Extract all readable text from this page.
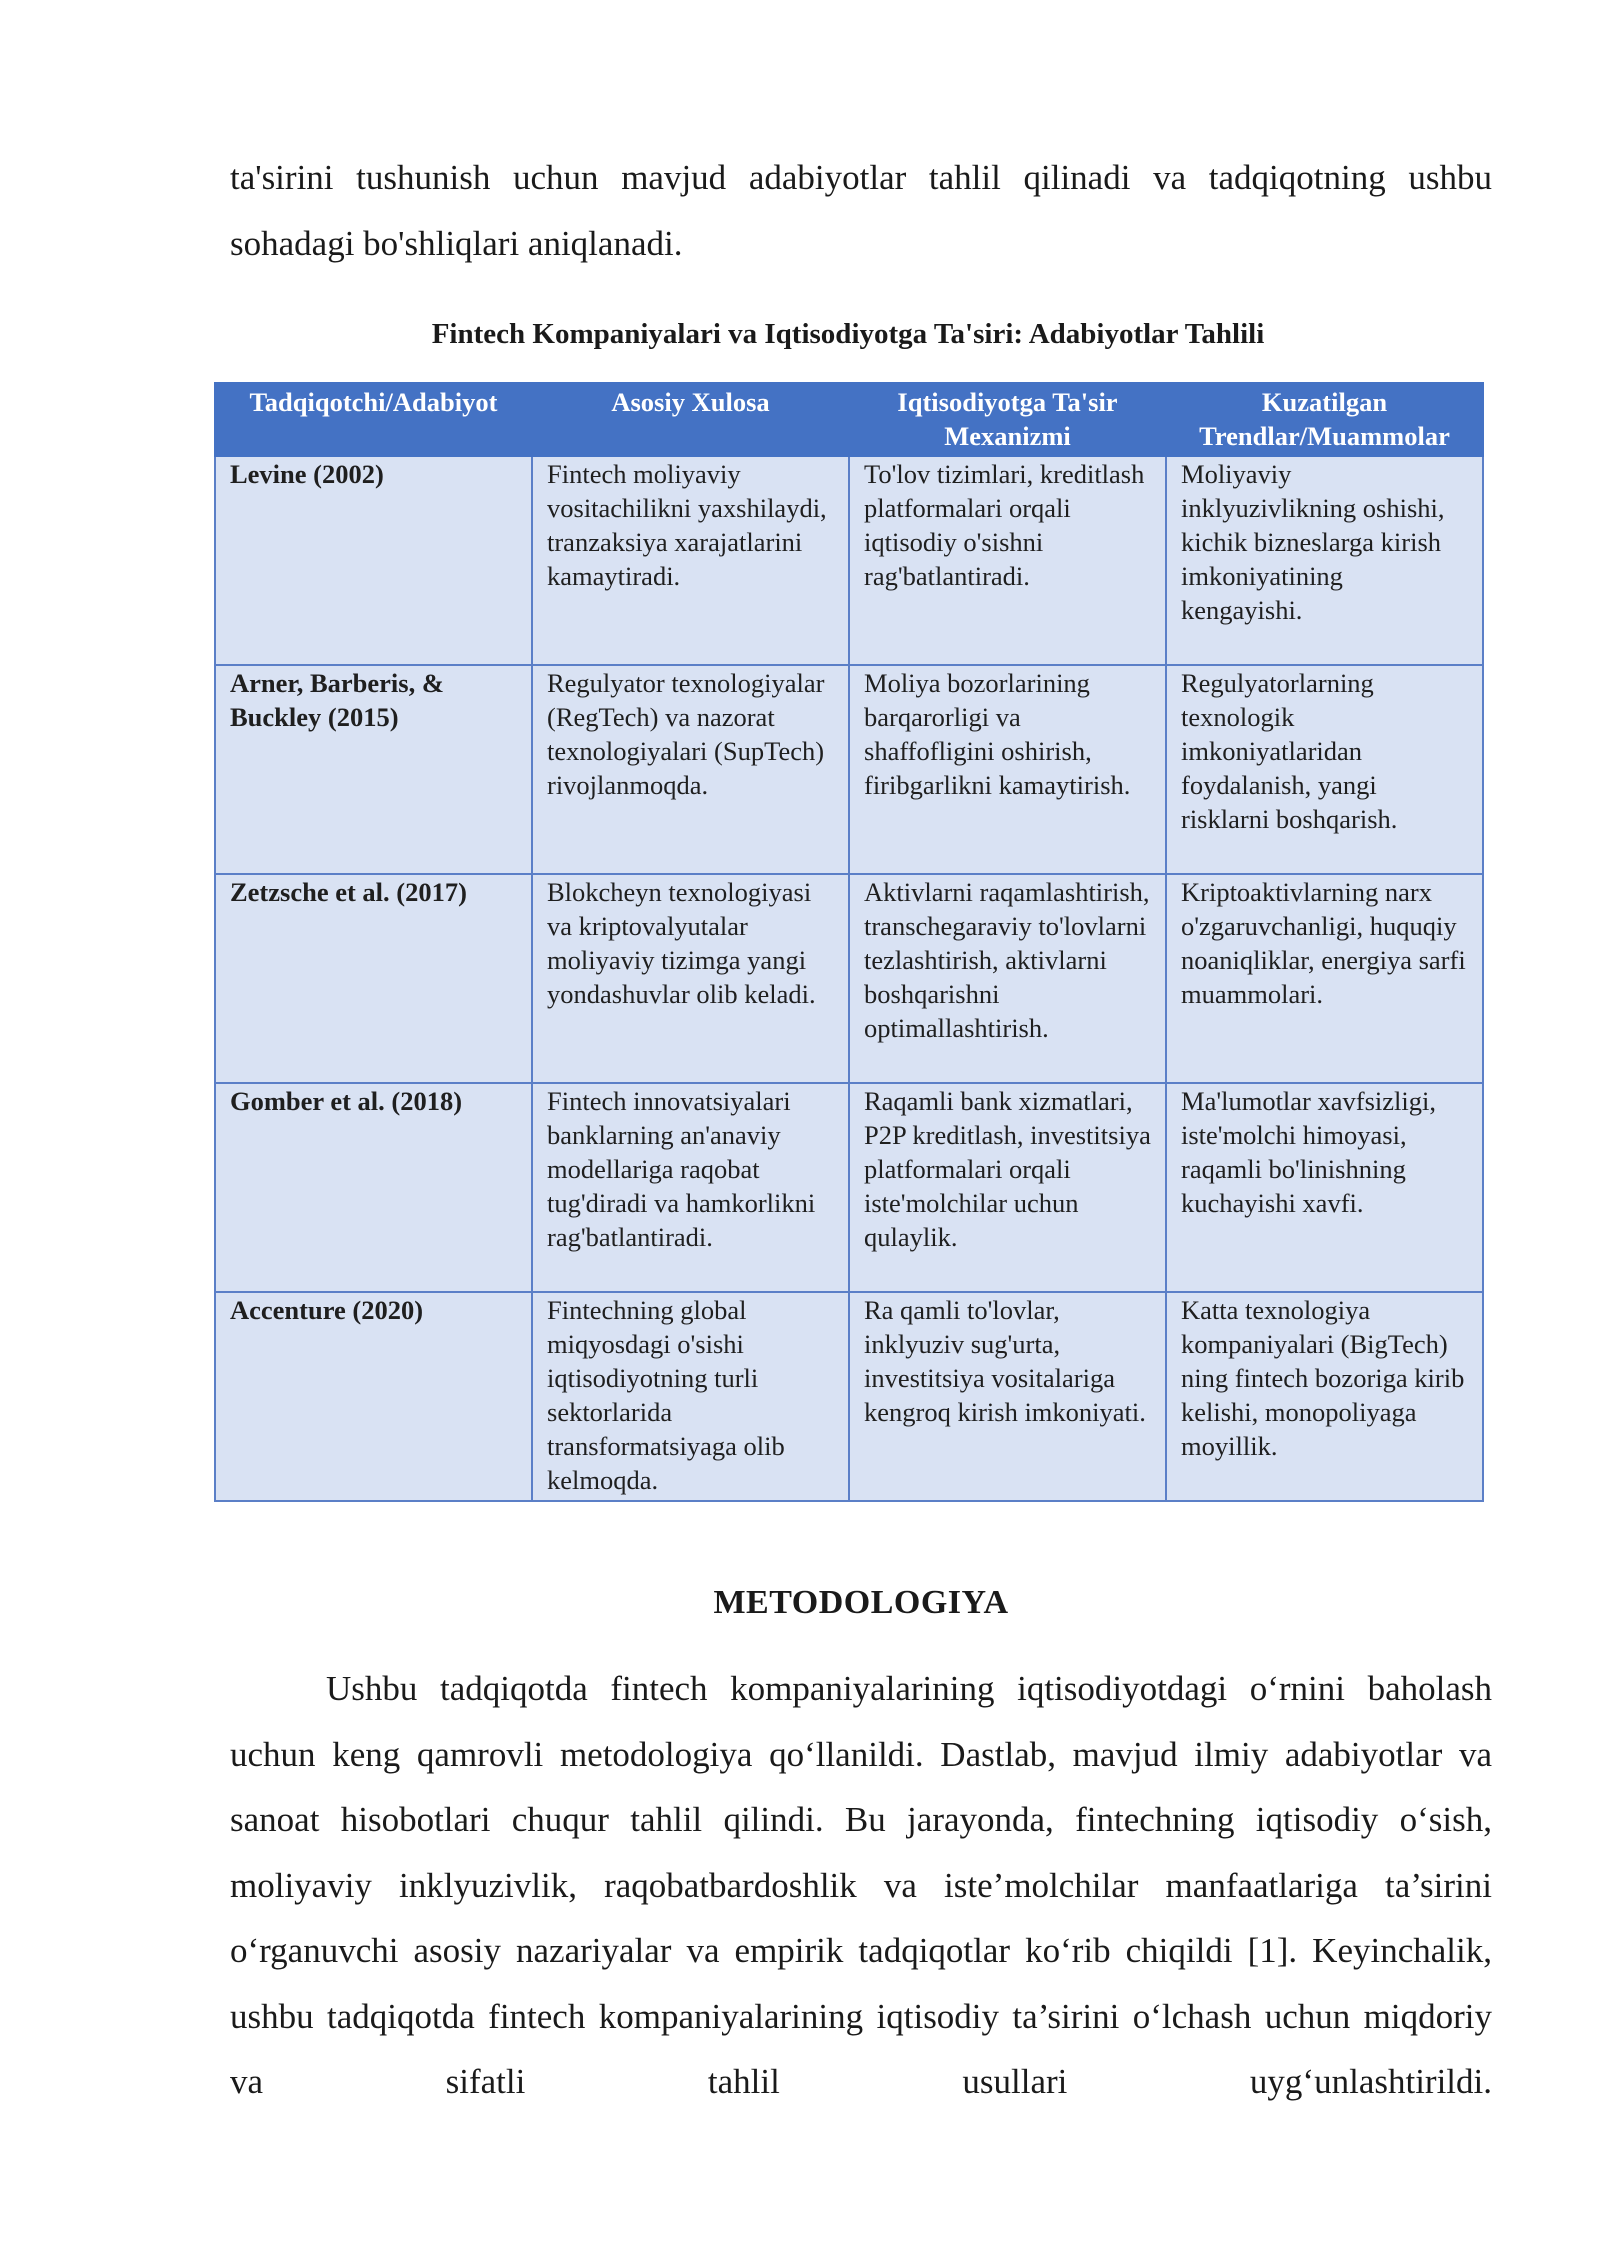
ta'sirini tushunish uchun mavjud adabiyotlar tahlil qilinadi va tadqiqotning ushbu sohadagi bo'shliqlari aniqlanadi.

Fintech Kompaniyalari va Iqtisodiyotga Ta'siri: Adabiyotlar Tahlili

Tadqiqotchi/Adabiyot	Asosiy Xulosa	Iqtisodiyotga Ta'sir Mexanizmi	Kuzatilgan Trendlar/Muammolar
Levine (2002)	Fintech moliyaviy vositachilikni yaxshilaydi, tranzaksiya xarajatlarini kamaytiradi.	To'lov tizimlari, kreditlash platformalari orqali iqtisodiy o'sishni rag'batlantiradi.	Moliyaviy inklyuzivlikning oshishi, kichik bizneslarga kirish imkoniyatining kengayishi.
Arner, Barberis, & Buckley (2015)	Regulyator texnologiyalar (RegTech) va nazorat texnologiyalari (SupTech) rivojlanmoqda.	Moliya bozorlarining barqarorligi va shaffofligini oshirish, firibgarlikni kamaytirish.	Regulyatorlarning texnologik imkoniyatlaridan foydalanish, yangi risklarni boshqarish.
Zetzsche et al. (2017)	Blokcheyn texnologiyasi va kriptovalyutalar moliyaviy tizimga yangi yondashuvlar olib keladi.	Aktivlarni raqamlashtirish, transchegaraviy to'lovlarni tezlashtirish, aktivlarni boshqarishni optimallashtirish.	Kriptoaktivlarning narx o'zgaruvchanligi, huquqiy noaniqliklar, energiya sarfi muammolari.
Gomber et al. (2018)	Fintech innovatsiyalari banklarning an'anaviy modellariga raqobat tug'diradi va hamkorlikni rag'batlantiradi.	Raqamli bank xizmatlari, P2P kreditlash, investitsiya platformalari orqali iste'molchilar uchun qulaylik.	Ma'lumotlar xavfsizligi, iste'molchi himoyasi, raqamli bo'linishning kuchayishi xavfi.
Accenture (2020)	Fintechning global miqyosdagi o'sishi iqtisodiyotning turli sektorlarida transformatsiyaga olib kelmoqda.	Ra qamli to'lovlar, inklyuziv sug'urta, investitsiya vositalariga kengroq kirish imkoniyati.	Katta texnologiya kompaniyalari (BigTech) ning fintech bozoriga kirib kelishi, monopoliyaga moyillik.
METODOLOGIYA

Ushbu tadqiqotda fintech kompaniyalarining iqtisodiyotdagi o‘rnini baholash uchun keng qamrovli metodologiya qo‘llanildi. Dastlab, mavjud ilmiy adabiyotlar va sanoat hisobotlari chuqur tahlil qilindi. Bu jarayonda, fintechning iqtisodiy o‘sish, moliyaviy inklyuzivlik, raqobatbardoshlik va iste’molchilar manfaatlariga ta’sirini o‘rganuvchi asosiy nazariyalar va empirik tadqiqotlar ko‘rib chiqildi [1]. Keyinchalik, ushbu tadqiqotda fintech kompaniyalarining iqtisodiy ta’sirini o‘lchash uchun miqdoriy va sifatli tahlil usullari uyg‘unlashtirildi.
